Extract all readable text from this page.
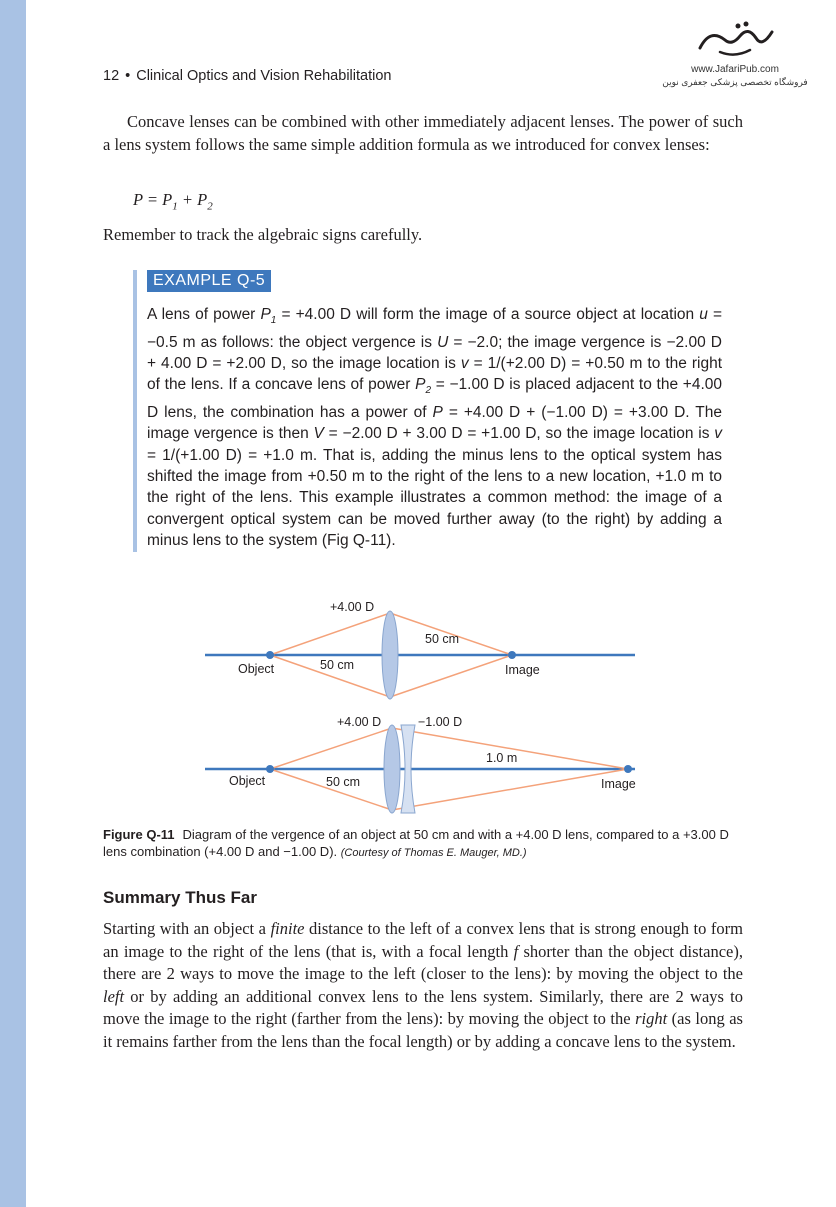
12 • Clinical Optics and Vision Rehabilitation	www.JafariPub.com
فروشگاه تخصصی پزشکی جعفری نوین
Concave lenses can be combined with other immediately adjacent lenses. The power of such a lens system follows the same simple addition formula as we introduced for convex lenses:
$P = P_1 + P_2$
Remember to track the algebraic signs carefully.
EXAMPLE Q-5
A lens of power $P_1 = +4.00$ D will form the image of a source object at location u = −0.5 m as follows: the object vergence is U = −2.0; the image vergence is −2.00 D + 4.00 D = +2.00 D, so the image location is v = 1/(+2.00 D) = +0.50 m to the right of the lens. If a concave lens of power $P_2 = -1.00$ D is placed adjacent to the +4.00 D lens, the combination has a power of P = +4.00 D + (−1.00 D) = +3.00 D. The image vergence is then V = −2.00 D + 3.00 D = +1.00 D, so the image location is v = 1/(+1.00 D) = +1.0 m. That is, adding the minus lens to the optical system has shifted the image from +0.50 m to the right of the lens to a new location, +1.0 m to the right of the lens. This example illustrates a common method: the image of a convergent optical system can be moved further away (to the right) by adding a minus lens to the system (Fig Q-11).
+4.00 D
Object	Image
50 cm
50 cm
+4.00 D	−1.00 D
Object	Image
50 cm
1.0 m
Figure Q-11 Diagram of the vergence of an object at 50 cm and with a +4.00 D lens, compared to a +3.00 D lens combination (+4.00 D and −1.00 D). (Courtesy of Thomas E. Mauger, MD.)
Summary Thus Far
Starting with an object a finite distance to the left of a convex lens that is strong enough to form an image to the right of the lens (that is, with a focal length f shorter than the object distance), there are 2 ways to move the image to the left (closer to the lens): by moving the object to the left or by adding an additional convex lens to the lens system. Similarly, there are 2 ways to move the image to the right (farther from the lens): by moving the object to the right (as long as it remains farther from the lens than the focal length) or by adding a concave lens to the system.
